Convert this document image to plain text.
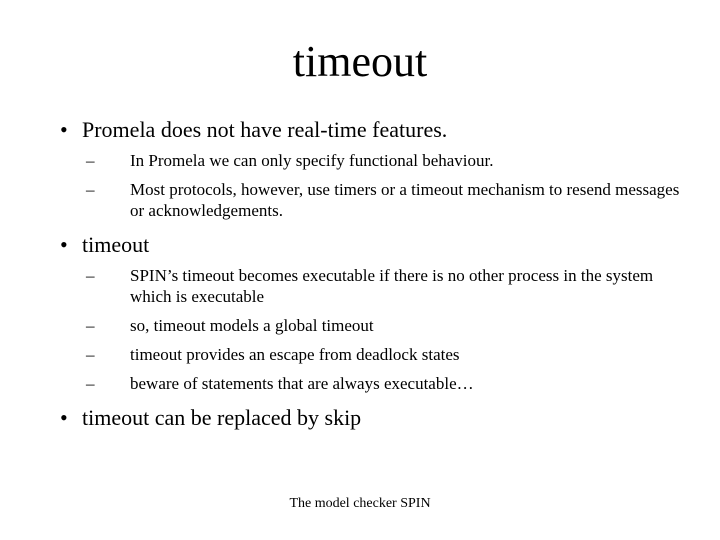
timeout
• Promela does not have real-time features.
– In Promela we can only specify functional behaviour.
– Most protocols, however, use timers or a timeout mechanism to resend messages or acknowledgements.
• timeout
– SPIN’s timeout becomes executable if there is no other process in the system which is executable
– so, timeout models a global timeout
– timeout provides an escape from deadlock states
– beware of statements that are always executable…
• timeout can be replaced by skip
The model checker SPIN
